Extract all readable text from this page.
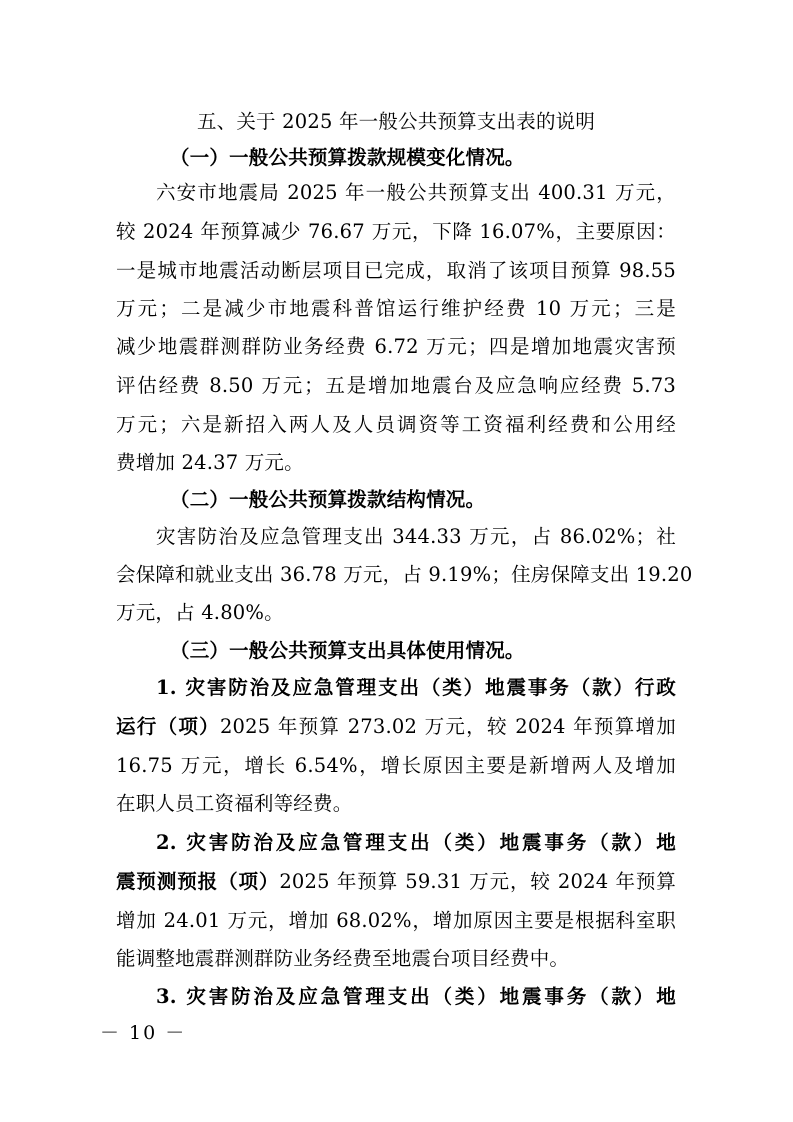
五、关于 2025 年一般公共预算支出表的说明
（一）一般公共预算拨款规模变化情况。
六安市地震局 2025 年一般公共预算支出 400.31 万元，
较 2024 年预算减少 76.67 万元，下降 16.07%，主要原因：
一是城市地震活动断层项目已完成，取消了该项目预算 98.55
万元；二是减少市地震科普馆运行维护经费 10 万元；三是
减少地震群测群防业务经费 6.72 万元；四是增加地震灾害预
评估经费 8.50 万元；五是增加地震台及应急响应经费 5.73
万元；六是新招入两人及人员调资等工资福利经费和公用经
费增加 24.37 万元。
（二）一般公共预算拨款结构情况。
灾害防治及应急管理支出 344.33 万元，占 86.02%；社
会保障和就业支出 36.78 万元，占 9.19%；住房保障支出 19.20
万元，占 4.80%。
（三）一般公共预算支出具体使用情况。
1. 灾害防治及应急管理支出（类）地震事务（款）行政
运行（项）2025 年预算 273.02 万元，较 2024 年预算增加
16.75 万元，增长 6.54%，增长原因主要是新增两人及增加
在职人员工资福利等经费。
2. 灾害防治及应急管理支出（类）地震事务（款）地
震预测预报（项）2025 年预算 59.31 万元，较 2024 年预算
增加 24.01 万元，增加 68.02%，增加原因主要是根据科室职
能调整地震群测群防业务经费至地震台项目经费中。
3. 灾害防治及应急管理支出（类）地震事务（款）地
－ 10 －
